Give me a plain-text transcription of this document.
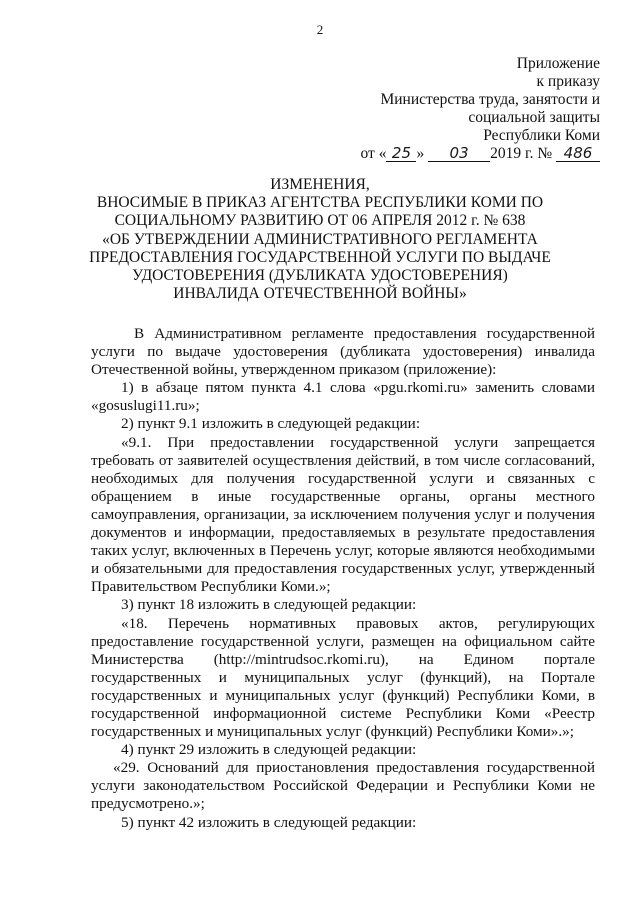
2
Приложение
к приказу
Министерства труда, занятости и
социальной защиты
Республики Коми
от « 25 » 03 2019 г. № 486
ИЗМЕНЕНИЯ,
ВНОСИМЫЕ В ПРИКАЗ АГЕНТСТВА РЕСПУБЛИКИ КОМИ ПО
СОЦИАЛЬНОМУ РАЗВИТИЮ ОТ 06 АПРЕЛЯ 2012 г. № 638
«ОБ УТВЕРЖДЕНИИ АДМИНИСТРАТИВНОГО РЕГЛАМЕНТА
ПРЕДОСТАВЛЕНИЯ ГОСУДАРСТВЕННОЙ УСЛУГИ ПО ВЫДАЧЕ
УДОСТОВЕРЕНИЯ (ДУБЛИКАТА УДОСТОВЕРЕНИЯ)
ИНВАЛИДА ОТЕЧЕСТВЕННОЙ ВОЙНЫ»

В Административном регламенте предоставления государственной услуги по выдаче удостоверения (дубликата удостоверения) инвалида Отечественной войны, утвержденном приказом (приложение):

1) в абзаце пятом пункта 4.1 слова «pgu.rkomi.ru» заменить словами «gosuslugi11.ru»;

2) пункт 9.1 изложить в следующей редакции:

«9.1. При предоставлении государственной услуги запрещается требовать от заявителей осуществления действий, в том числе согласований, необходимых для получения государственной услуги и связанных с обращением в иные государственные органы, органы местного самоуправления, организации, за исключением получения услуг и получения документов и информации, предоставляемых в результате предоставления таких услуг, включенных в Перечень услуг, которые являются необходимыми и обязательными для предоставления государственных услуг, утвержденный Правительством Республики Коми.»;

3) пункт 18 изложить в следующей редакции:

«18. Перечень нормативных правовых актов, регулирующих предоставление государственной услуги, размещен на официальном сайте Министерства (http://mintrudsoc.rkomi.ru), на Едином портале государственных и муниципальных услуг (функций), на Портале государственных и муниципальных услуг (функций) Республики Коми, в государственной информационной системе Республики Коми «Реестр государственных и муниципальных услуг (функций) Республики Коми».»;

4) пункт 29 изложить в следующей редакции:

«29. Оснований для приостановления предоставления государственной услуги законодательством Российской Федерации и Республики Коми не предусмотрено.»;

5) пункт 42 изложить в следующей редакции:
